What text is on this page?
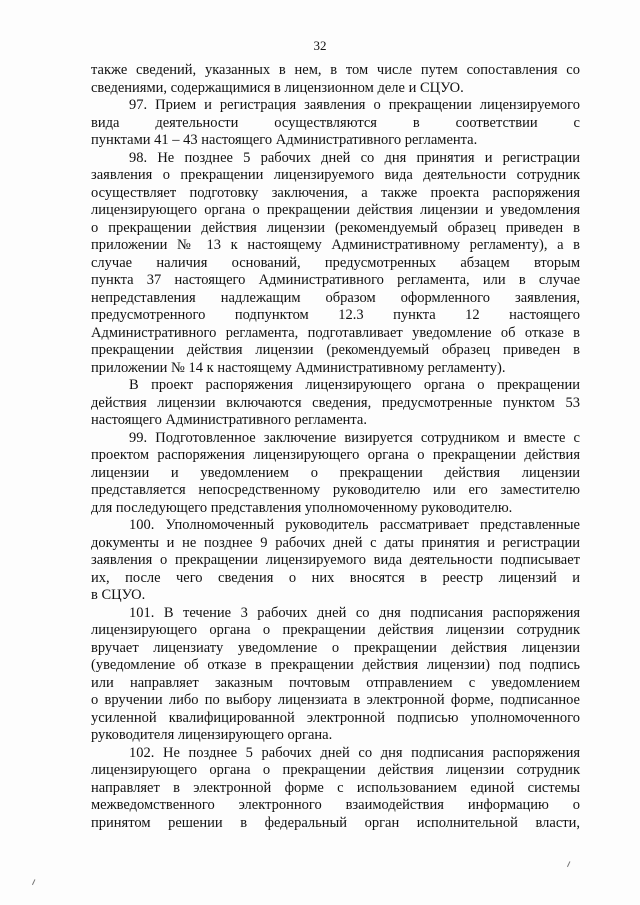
32
также сведений, указанных в нем, в том числе путем сопоставления со
сведениями, содержащимися в лицензионном деле и СЦУО.
97. Прием и регистрация заявления о прекращении лицензируемого
вида деятельности осуществляются в соответствии с
пунктами 41 – 43 настоящего Административного регламента.
98. Не позднее 5 рабочих дней со дня принятия и регистрации
заявления о прекращении лицензируемого вида деятельности сотрудник
осуществляет подготовку заключения, а также проекта распоряжения
лицензирующего органа о прекращении действия лицензии и уведомления
о прекращении действия лицензии (рекомендуемый образец приведен в
приложении № 13 к настоящему Административному регламенту), а в
случае наличия оснований, предусмотренных абзацем вторым
пункта 37 настоящего Административного регламента, или в случае
непредставления надлежащим образом оформленного заявления,
предусмотренного подпунктом 12.3 пункта 12 настоящего
Административного регламента, подготавливает уведомление об отказе в
прекращении действия лицензии (рекомендуемый образец приведен в
приложении № 14 к настоящему Административному регламенту).
В проект распоряжения лицензирующего органа о прекращении
действия лицензии включаются сведения, предусмотренные пунктом 53
настоящего Административного регламента.
99. Подготовленное заключение визируется сотрудником и вместе с
проектом распоряжения лицензирующего органа о прекращении действия
лицензии и уведомлением о прекращении действия лицензии
представляется непосредственному руководителю или его заместителю
для последующего представления уполномоченному руководителю.
100. Уполномоченный руководитель рассматривает представленные
документы и не позднее 9 рабочих дней с даты принятия и регистрации
заявления о прекращении лицензируемого вида деятельности подписывает
их, после чего сведения о них вносятся в реестр лицензий и
в СЦУО.
101. В течение 3 рабочих дней со дня подписания распоряжения
лицензирующего органа о прекращении действия лицензии сотрудник
вручает лицензиату уведомление о прекращении действия лицензии
(уведомление об отказе в прекращении действия лицензии) под подпись
или направляет заказным почтовым отправлением с уведомлением
о вручении либо по выбору лицензиата в электронной форме, подписанное
усиленной квалифицированной электронной подписью уполномоченного
руководителя лицензирующего органа.
102. Не позднее 5 рабочих дней со дня подписания распоряжения
лицензирующего органа о прекращении действия лицензии сотрудник
направляет в электронной форме с использованием единой системы
межведомственного электронного взаимодействия информацию о
принятом решении в федеральный орган исполнительной власти,
